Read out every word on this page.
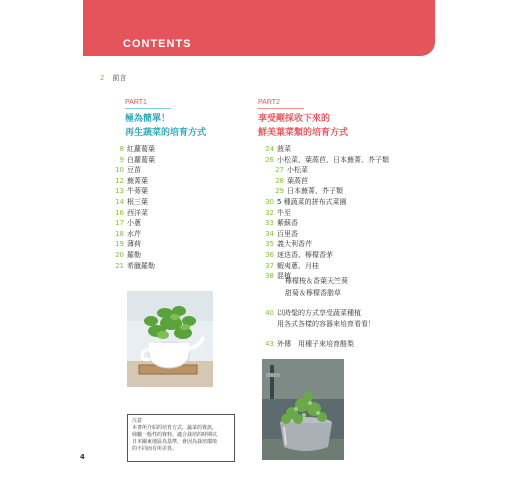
CONTENTS
2 前言
PART1
極為簡單！
再生蔬菜的培育方式
8 紅蘿蔔葉
9 白蘿蔔葉
10 豆苗
12 蕪菁葉
13 牛蒡葉
14 根三葉
16 西洋菜
17 小蔥
18 水芹
19 薄荷
20 羅勒
21 希臘羅勒
PART2
享受剛採收下來的
鮮美葉菜類的培育方式
24 菠菜
26 小松菜、葉萵苣、日本蕪菁、芥子類
27 小松菜
28 葉萵苣
29 日本蕪菁、芥子類
30 5 種蔬菜的拼布式菜園
32 牛至
33 紫蘇香
34 百里香
35 義大利香芹
36 迷迭香、檸檬香茅
37 蝦夷蔥、月桂
38 混植
檸檬梭＆香葉天竺葵
甜菊＆檸檬香脂草
40 以時髦的方式享受蔬菜種植
用各式各樣的容器來培育看看！
43 外傳　用種子來培育酪梨
注意
本書所介紹的培育方式、蔬菜的資訊，
純屬一般性的資料，適合栽培的時期以
日本關東地區為基準，會因為栽培環境
的不同而有所差異。
4
